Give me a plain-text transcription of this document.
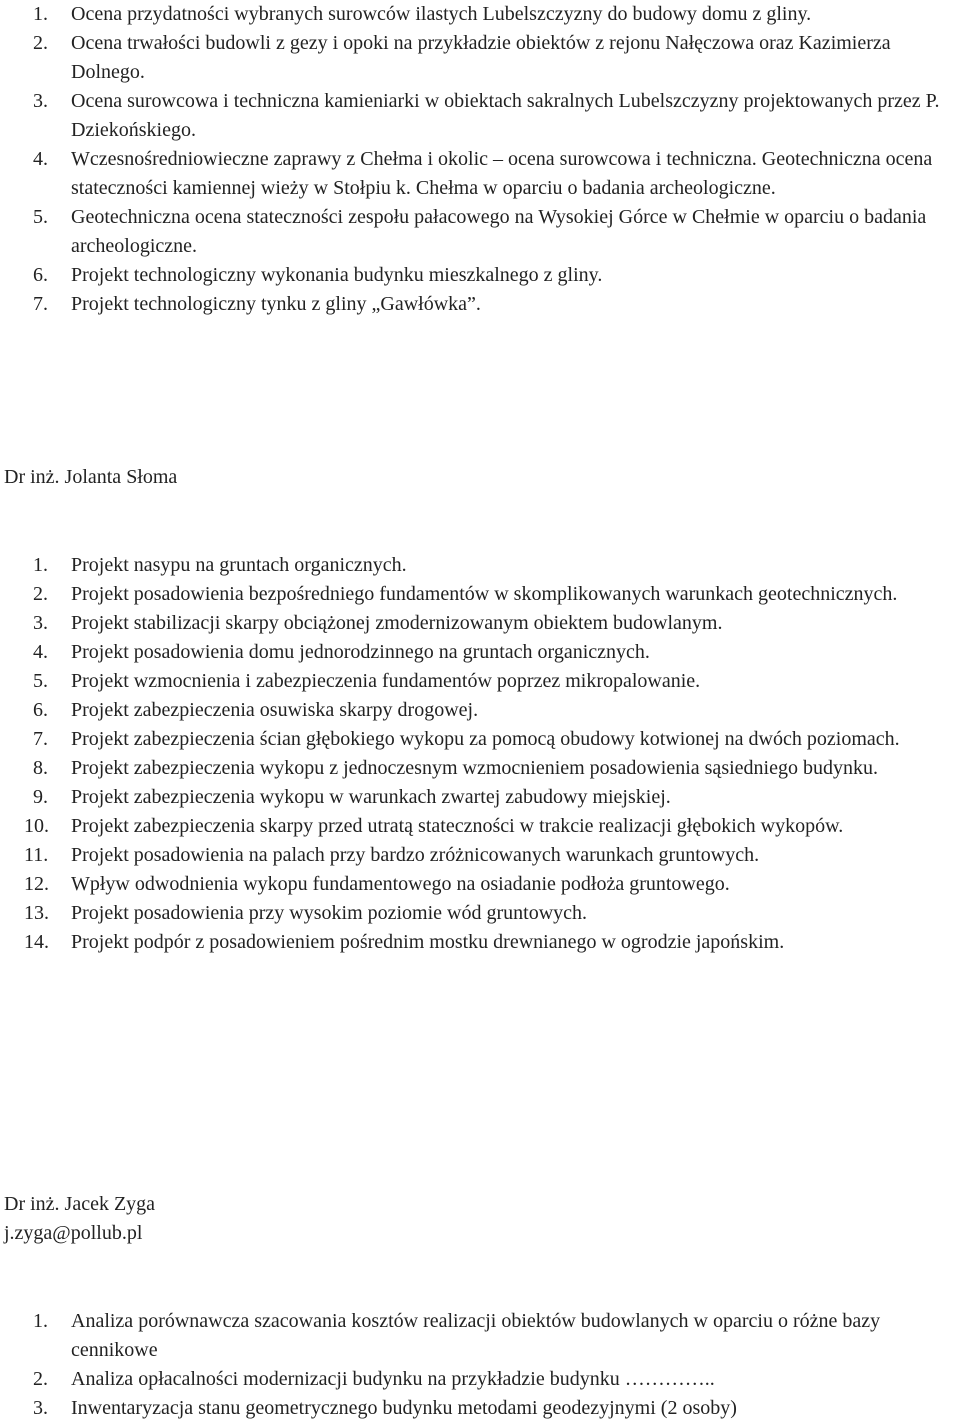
1. Ocena przydatności wybranych surowców ilastych Lubelszczyzny do budowy domu z gliny.
2. Ocena trwałości budowli z gezy i opoki na przykładzie obiektów z rejonu Nałęczowa oraz Kazimierza Dolnego.
3. Ocena surowcowa i techniczna kamieniarki w obiektach sakralnych Lubelszczyzny projektowanych przez P. Dziekońskiego.
4. Wczesnośredniowieczne zaprawy z Chełma i okolic – ocena surowcowa i techniczna. Geotechniczna ocena stateczności kamiennej wieży w Stołpiu k. Chełma w oparciu o badania archeologiczne.
5. Geotechniczna ocena stateczności zespołu pałacowego na Wysokiej Górce w Chełmie w oparciu o badania archeologiczne.
6. Projekt technologiczny wykonania budynku mieszkalnego z gliny.
7. Projekt technologiczny tynku z gliny „Gawłówka”.

Dr inż. Jolanta Słoma

1. Projekt nasypu na gruntach organicznych.
2. Projekt posadowienia bezpośredniego fundamentów w skomplikowanych warunkach geotechnicznych.
3. Projekt stabilizacji skarpy obciążonej zmodernizowanym obiektem budowlanym.
4. Projekt posadowienia domu jednorodzinnego na gruntach organicznych.
5. Projekt wzmocnienia i zabezpieczenia fundamentów poprzez mikropalowanie.
6. Projekt zabezpieczenia osuwiska skarpy drogowej.
7. Projekt zabezpieczenia ścian głębokiego wykopu za pomocą obudowy kotwionej na dwóch poziomach.
8. Projekt zabezpieczenia wykopu z jednoczesnym wzmocnieniem posadowienia sąsiedniego budynku.
9. Projekt zabezpieczenia wykopu w warunkach zwartej zabudowy miejskiej.
10. Projekt zabezpieczenia skarpy przed utratą stateczności w trakcie realizacji głębokich wykopów.
11. Projekt posadowienia na palach przy bardzo zróżnicowanych warunkach gruntowych.
12. Wpływ odwodnienia wykopu fundamentowego na osiadanie podłoża gruntowego.
13. Projekt posadowienia przy wysokim poziomie wód gruntowych.
14. Projekt podpór z posadowieniem pośrednim mostku drewnianego w ogrodzie japońskim.

Dr inż. Jacek Zyga

j.zyga@pollub.pl

1. Analiza porównawcza szacowania kosztów realizacji obiektów budowlanych w oparciu o różne bazy cennikowe
2. Analiza opłacalności modernizacji budynku na przykładzie budynku …………..
3. Inwentaryzacja stanu geometrycznego budynku metodami geodezyjnymi (2 osoby)
